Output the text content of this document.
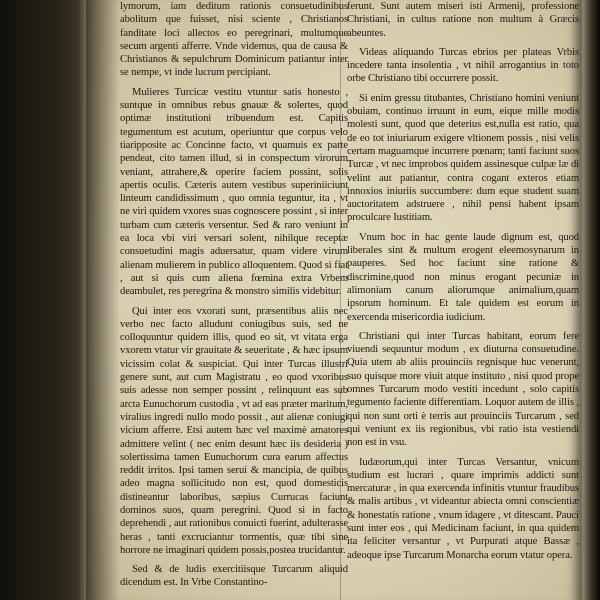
lymorum, iam deditum rationis consuetudinibus abolitum que fuisset, nisi sciente , Christianos fanditate loci allectos eo peregrinari, multumque secum argenti afferre. Vnde videmus, qua de causa & Christianos & sepulchrum Dominicum patiantur inter se nempe, vt inde lucrum percipiant.

Mulieres Turcicæ vestitu vtuntur satis honesto , suntque in omnibus rebus gnauæ & solertes, quod optimæ institutioni tribuendum est. Capitis tegumentum est acutum, operiuntur que corpus velo tiaripposite ac Concinne facto, vt quamuis ex parte pendeat, cito tamen illud, si in conspectum virorum veniant, attrahere,& operire faciem possint, solis apertis oculis. Cæteris autem vestibus superiniiciunt linteum candidissimum , quo omnia teguntur, ita , vt ne viri quidem vxores suas cognoscere possint , si inter turbam cum cæteris versentur. Sed & raro veniunt in ea loca vbi viri versari solent, nihilque receptæ consuetudini magis aduersatur, quam videre virum alienam mulierem in publico alloquentem. Quod si fiat , aut si quis cum aliena fœmina extra Vrbem deambulet, res peregrina & monstro similis videbitur.

Qui inter eos vxorati sunt, præsentibus aliis nec verbo nec facto alludunt coniugibus suis, sed ne colloquuntur quidem illis, quod eo sit, vt vitata erga vxorem vtatur vir grauitate & seueritate , & hæc ipsum vicissim colat & suspiciat. Qui inter Turcas illustri genere sunt, aut cum Magistratu , eo quod vxoribus suis adesse non semper possint , relinquunt eas sub arcta Eunuchorum custodia , vt ad eas præter maritum, viralius ingredi nullo modo possit , aut alienæ coniugi vicium afferre. Etsi autem hæc vel maximè amatores admittere velint ( nec enim desunt hæc iis desideria ) solertissima tamen Eunuchorum cura earum affectus reddit irritos. Ipsi tamen serui & mancipia, de quibus adeo magna sollicitudo non est, quod domesticis distineantur laboribus, sæpius Currucas faciunt dominos suos, quam peregrini. Quod si in facto deprehendi , aut rationibus conuicti fuerint, adulterasse heras , tanti excruciantur tormentis, quæ tibi sine horrore ne imaginari quidem possis,postea trucidantur.

Sed & de ludis exercitiisque Turcarum aliquid dicendum est. In Vrbe Constantino-

ferunt. Sunt autem miseri isti Armenij, professione Christiani, in cultus ratione non multum à Græcis abeuntes.

Videas aliquando Turcas ebrios per plateas Vrbis incedere tanta insolentia , vt nihil arrogantius in toto orbe Christiano tibi occurrere possit.

Si enim gressu titubantes, Christiano homini veniunt obuiam, continuo irruunt in eum, eique mille modis molesti sunt, quod que deterius est,nulla est ratio, qua de eo tot iniuriarum exigere vltionem possis , nisi velis certam maguamque incurrere pœnam; tanti faciunt suos Turcæ , vt nec improbos quidem assinesque culpæ læ di velint aut patiantur, contra cogant exteros etiam innoxios iniuriis succumbere: dum eque student suam auctoritatem adstruere , nihil pensi habent ipsam proculcare Iustitiam.

Vnum hoc in hac gente laude dignum est, quod liberales sint & multum erogent eleemosynarum in pauperes. Sed hoc faciunt sine ratione & discrimine,quod non minus erogant pecuniæ in alimoniam canum aliorumque animalium,quam ipsorum hominum. Et tale quidem est eorum in exercenda misericordia iudicium.

Christiani qui inter Turcas habitant, eorum fere viuendi sequuntur modum , ex diuturna consuetudine. Quia utem ab aliis prouinciis regnisque huc venerunt, suo quisque more viuit atque instituto , nisi quod prope omnes Turcarum modo vestiti incedunt , solo capitis tegumento faciente differentiam. Loquor autem de illis , qui non sunt orti è terris aut prouinciis Turcarum , sed qui veniunt ex iis regionibus, vbi ratio ista vestiendi non est in vsu.

Iudæorum,qui inter Turcas Versantur, vnicum studium est lucrari , quare imprimis addicti sunt mercaturæ , in qua exercenda infinitis vtuntur fraudibus & malis artibus , vt videantur abiecta omni conscientiæ & honestatis ratione , vnum idagere , vt ditescant. Pauci sunt inter eos , qui Medicinam faciunt, in qua quidem ita feliciter versantur , vt Purpurati atque Bassæ , adeoque ipse Turcarum Monarcha eorum vtatur opera.
